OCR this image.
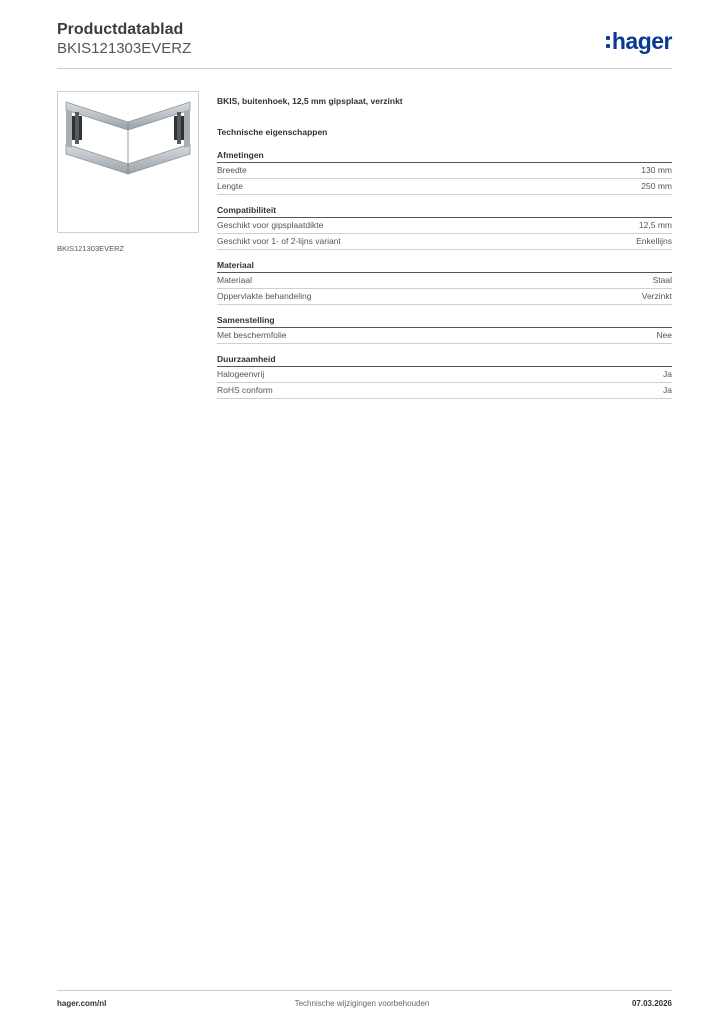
Productdatablad
BKIS121303EVERZ	hager
BKIS121303EVERZ
BKIS, buitenhoek, 12,5 mm gipsplaat, verzinkt
Technische eigenschappen
Afmetingen
Breedte	130 mm
Lengte	250 mm
Compatibiliteit
Geschikt voor gipsplaatdikte	12,5 mm
Geschikt voor 1- of 2-lijns variant	Enkellijns
Materiaal
Materiaal	Staal
Oppervlakte behandeling	Verzinkt
Samenstelling
Met beschermfolie	Nee
Duurzaamheid
Halogeenvrij	Ja
RoHS conform	Ja
hager.com/nl	Technische wijzigingen voorbehouden	07.03.2026
